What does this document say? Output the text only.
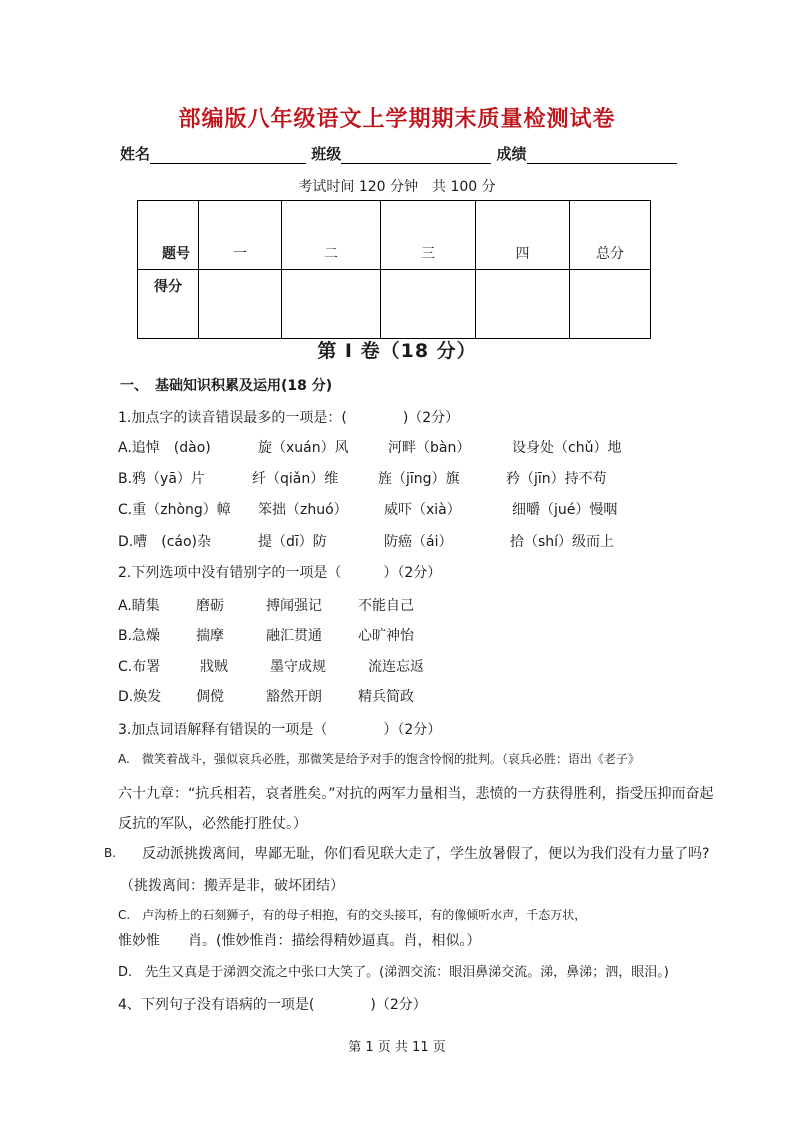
部编版八年级语文上学期期末质量检测试卷
姓名	班级	成绩
考试时间 120 分钟　共 100 分
题号	一	二	三	四	总分
得分					
第 I 卷（18 分）
一、　基础知识积累及运用(18 分)
1.加点字的读音错误最多的一项是：(　　　　)（2分）
A.追悼　(dào)	旋（xuán）风	河畔（bàn）	设身处（chǔ）地
B.鸦（yā）片	纤（qiǎn）维	旌（jīng）旗	矜（jīn）持不苟
C.重（zhòng）幛 笨拙（zhuó）	威吓（xià）	细嚼（jué）慢咽
D.嘈　(cáo)杂	提（dī）防	防癌（ái）	拾（shí）级而上
2.下列选项中没有错别字的一项是（　　　）（2分）
A.睛集	磨砺	搏闻强记	不能自己
B.急燥	揣摩	融汇贯通	心旷神怡
C.布署	戕贼	墨守成规	流连忘返
D.焕发 倜傥	豁然开朗	精兵简政
3.加点词语解释有错误的一项是（　　　　）（2分）
A.　微笑着战斗，强似哀兵必胜，那微笑是给予对手的饱含怜悯的批判。（哀兵必胜：语出《老子》
六十九章：“抗兵相若，哀者胜矣。”对抗的两军力量相当，悲愤的一方获得胜利，指受压抑而奋起
反抗的军队，必然能打胜仗。）
B. 反动派挑拨离间，卑鄙无耻，你们看见联大走了，学生放暑假了，便以为我们没有力量了吗?
（挑拨离间：搬弄是非，破坏团结）
C.　卢沟桥上的石刻狮子，有的母子相抱，有的交头接耳，有的像倾听水声，千态万状，
惟妙惟　　肖。(惟妙惟肖：描绘得精妙逼真。肖，相似。）
D.　先生又真是于涕泗交流之中张口大笑了。(涕泗交流：眼泪鼻涕交流。涕，鼻涕；泗，眼泪。)
4、下列句子没有语病的一项是(　　　　)（2分）
第 1 页 共 11 页
